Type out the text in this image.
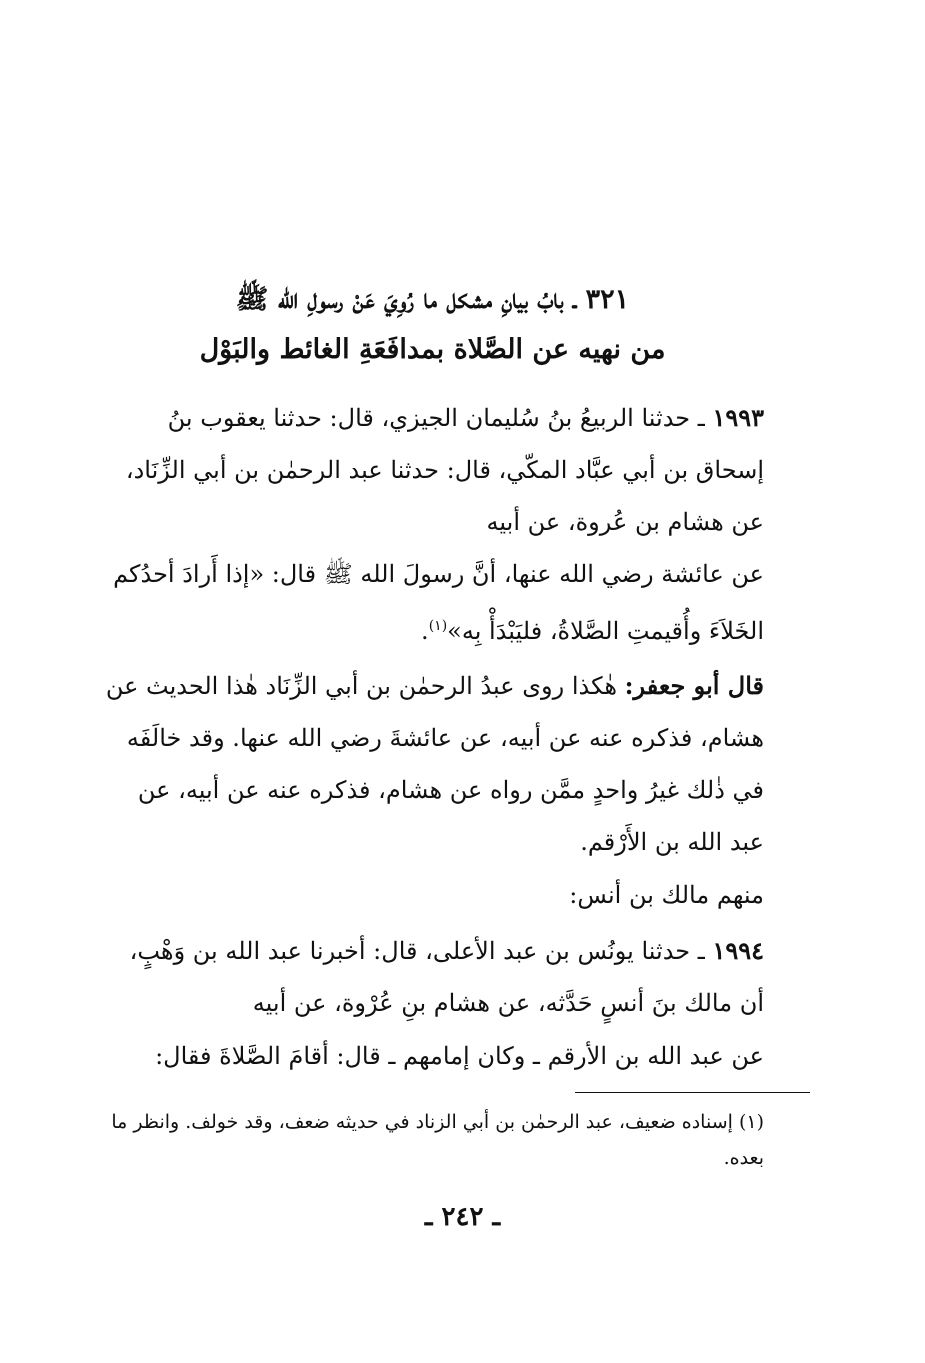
٣٢١ ـ بابُ بيانِ مشكل ما رُوِيَ عَنْ رسولِ الله ﷺ
من نهيه عن الصَّلاة بمدافَعَةِ الغائط والبَوْل
١٩٩٣ ـ حدثنا الربيعُ بنُ سُليمان الجيزي، قال: حدثنا يعقوب بنُ إسحاق بن أبي عبَّاد المكّي، قال: حدثنا عبد الرحمٰن بن أبي الزِّنَاد، عن هشام بن عُروة، عن أبيه
عن عائشة رضي الله عنها، أنَّ رسولَ الله ﷺ قال: «إذا أَرادَ أحدُكم الخَلاَءَ وأُقيمتِ الصَّلاةُ، فليَبْدَأْ بِه»$^{(١)}$.
قال أبو جعفر: هٰكذا روى عبدُ الرحمٰن بن أبي الزِّنَاد هٰذا الحديث عن هشام، فذكره عنه عن أبيه، عن عائشةَ رضي الله عنها. وقد خالَفَه في ذٰلك غيرُ واحدٍ ممَّن رواه عن هشام، فذكره عنه عن أبيه، عن عبد الله بن الأَرْقم.
منهم مالك بن أنس:
١٩٩٤ ـ حدثنا يونُس بن عبد الأعلى، قال: أخبرنا عبد الله بن وَهْبٍ، أن مالك بنَ أنسٍ حَدَّثه، عن هشام بنِ عُرْوة، عن أبيه
عن عبد الله بن الأرقم ـ وكان إمامهم ـ قال: أقامَ الصَّلاةَ فقال:
(١) إسناده ضعيف، عبد الرحمٰن بن أبي الزناد في حديثه ضعف، وقد خولف. وانظر ما بعده.
ـ ٢٤٢ ـ
